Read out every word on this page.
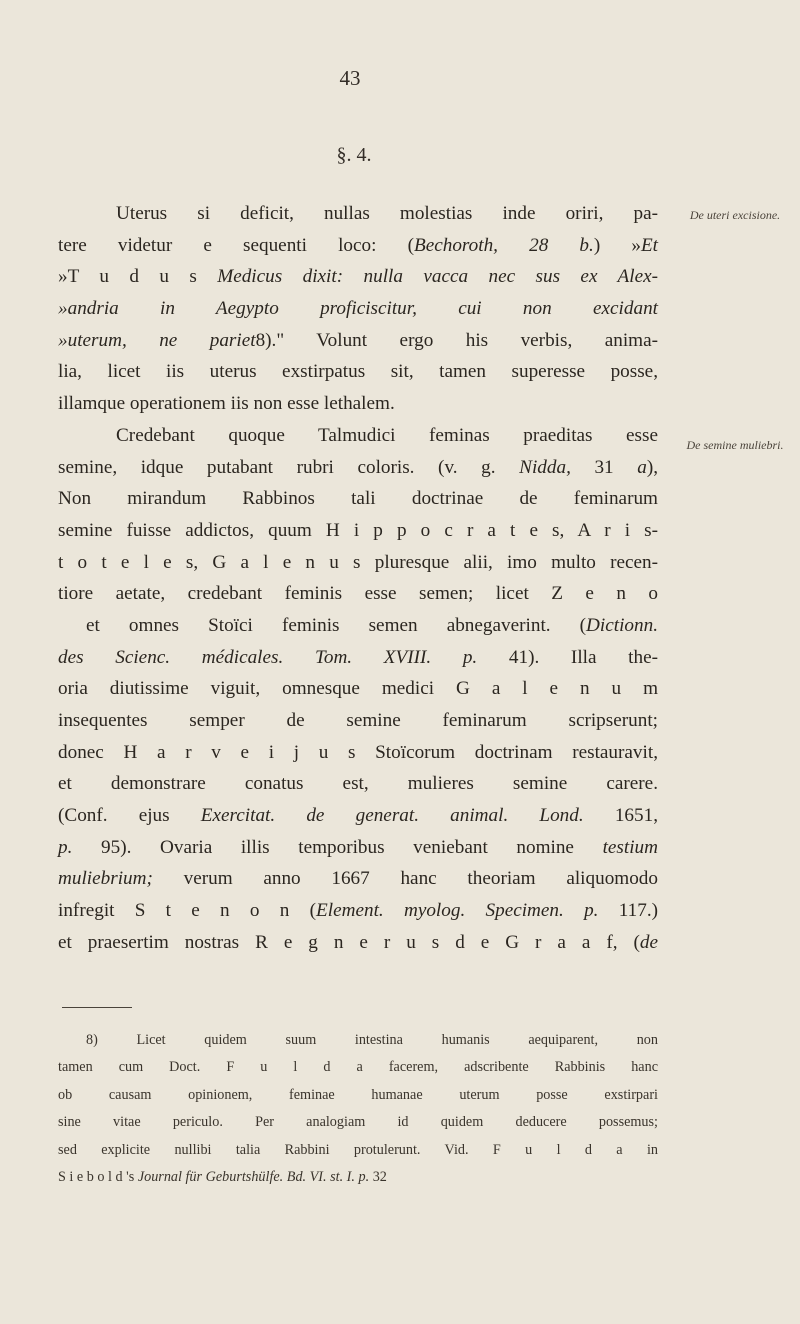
43
§. 4.
De uteri excisione.
De semine muliebri.
Uterus si deficit, nullas molestias inde oriri, pa-
tere videtur e sequenti loco: (Bechoroth, 28 b.) »Et
»T u d u s Medicus dixit: nulla vacca nec sus ex Alex-
»andria in Aegypto proficiscitur, cui non excidant
»uterum, ne pariet8)." Volunt ergo his verbis, anima-
lia, licet iis uterus exstirpatus sit, tamen superesse posse,
illamque operationem iis non esse lethalem.
Credebant quoque Talmudici feminas praeditas esse
semine, idque putabant rubri coloris. (v. g. Nidda, 31 a),
Non mirandum Rabbinos tali doctrinae de feminarum
semine fuisse addictos, quum H i p p o c r a t e s, A r i s-
t o t e l e s, G a l e n u s pluresque alii, imo multo recen-
tiore aetate, credebant feminis esse semen; licet Z e n o
et omnes Stoïci feminis semen abnegaverint. (Dictionn.
des Scienc. médicales. Tom. XVIII. p. 41). Illa the-
oria diutissime viguit, omnesque medici G a l e n u m
insequentes semper de semine feminarum scripserunt;
donec H a r v e i j u s Stoïcorum doctrinam restauravit,
et demonstrare conatus est, mulieres semine carere.
(Conf. ejus Exercitat. de generat. animal. Lond. 1651,
p. 95). Ovaria illis temporibus veniebant nomine testium
muliebrium; verum anno 1667 hanc theoriam aliquomodo
infregit S t e n o n (Element. myolog. Specimen. p. 117.)
et praesertim nostras R e g n e r u s d e G r a a f, (de
8) Licet quidem suum intestina humanis aequiparent, non
tamen cum Doct. F u l d a facerem, adscribente Rabbinis hanc
ob causam opinionem, feminae humanae uterum posse exstirpari
sine vitae periculo. Per analogiam id quidem deducere possemus;
sed explicite nullibi talia Rabbini protulerunt. Vid. F u l d a in
S i e b o l d 's Journal für Geburtshülfe. Bd. VI. st. I. p. 32
